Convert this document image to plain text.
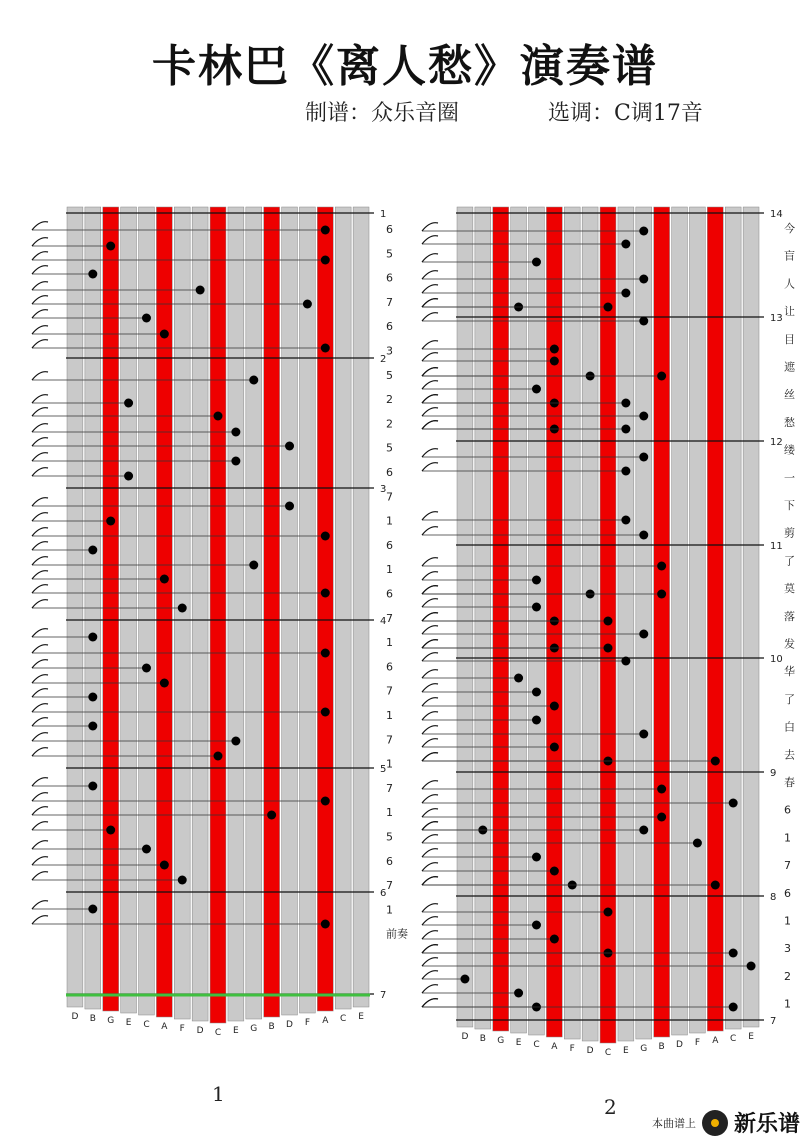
卡林巴《离人愁》演奏谱
制谱：众乐音圈	选调：C调17音
D B G E C A F D C E G B D F A C E
7
6
5
4
3
2
1
6
5
6
7
6
3
5
2
2
5
6
7
1
6
1
6
7
1
6
7
1
7
1
7
1
5
6
7
1
前奏
D B G E C A F D C E G B D F A C E
7
8
9
10
11
12
13
14
今
盲
人
让
目
遮
丝
愁
缕
一
下
剪
了
莫
落
发
华
了
白
去
春
6
1
7
6
1
3
2
1
1
2
本曲谱上 新乐谱
